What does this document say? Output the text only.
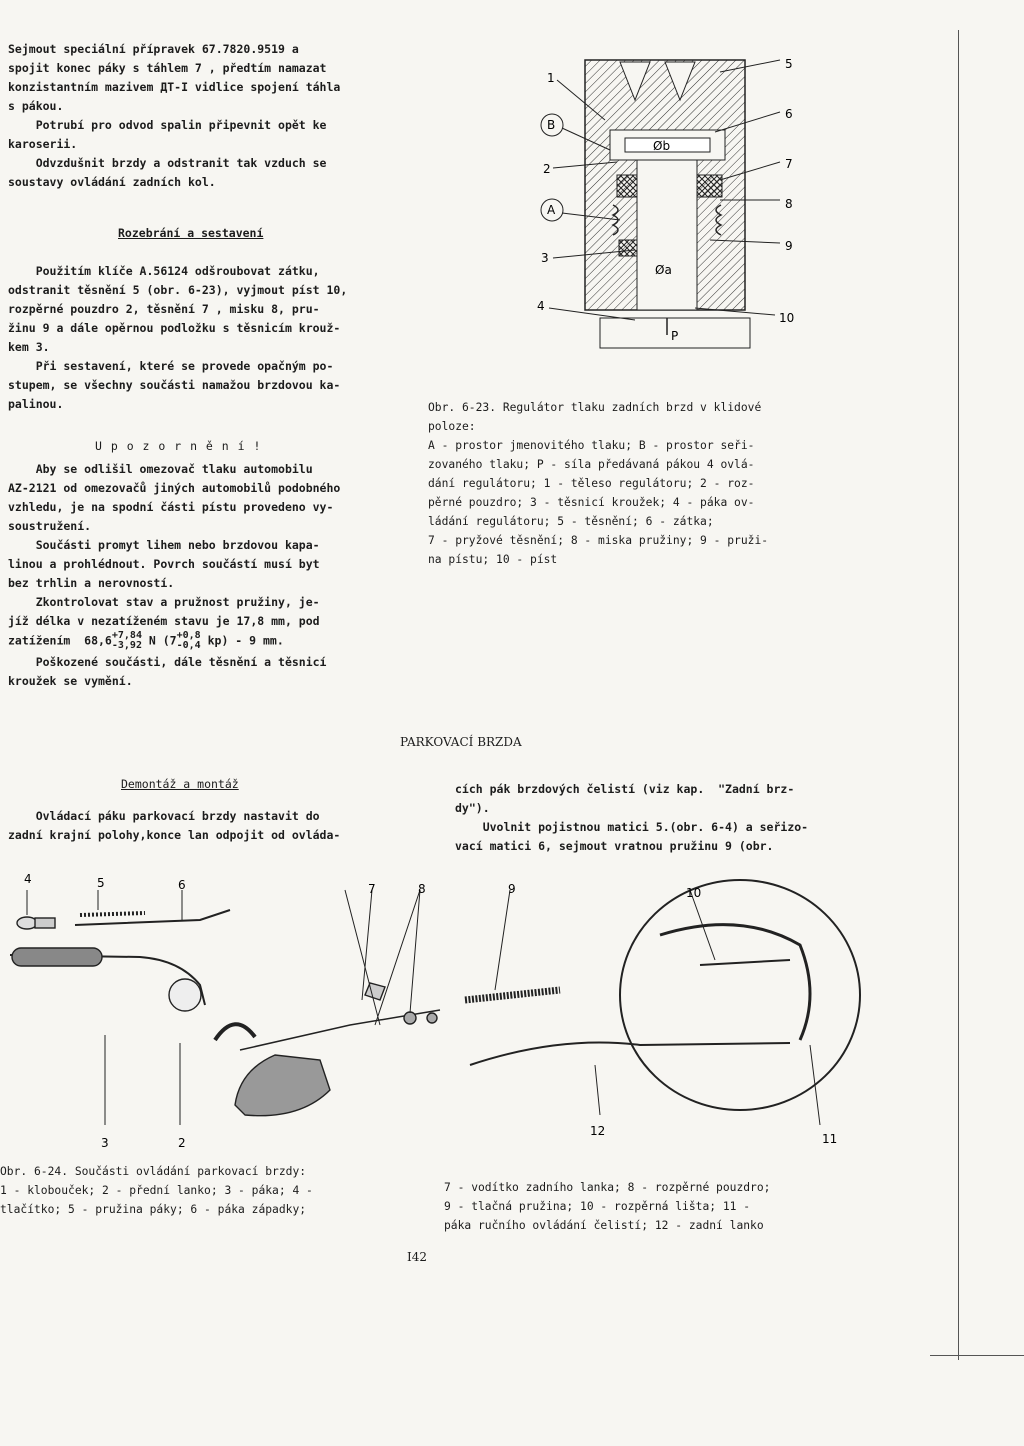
Sejmout speciální přípravek 67.7820.9519 a
spojit konec páky s táhlem 7 , předtím namazat
konzistantním mazivem ДТ-I vidlice spojení táhla
s pákou.

Potrubí pro odvod spalin připevnit opět ke
karoserii.

Odvzdušnit brzdy a odstranit tak vzduch se
soustavy ovládání zadních kol.

Rozebrání a sestavení

Použitím klíče A.56124 odšroubovat zátku,
odstranit těsnění 5 (obr. 6-23), vyjmout píst 10,
rozpěrné pouzdro 2, těsnění 7 , misku 8, pru-
žinu 9 a dále opěrnou podložku s těsnicím krouž-
kem 3.

Při sestavení, které se provede opačným po-
stupem, se všechny součásti namažou brzdovou ka-
palinou.

U p o z o r n ě n í !

Aby se odlišil omezovač tlaku automobilu
AZ-2121 od omezovačů jiných automobilů podobného
vzhledu, je na spodní části pístu provedeno vy-
soustružení.

Součásti promyt lihem nebo brzdovou kapa-
linou a prohlédnout. Povrch součástí musí byt
bez trhlin a nerovností.

Zkontrolovat stav a pružnost pružiny, je-
jíž délka v nezatíženém stavu je 17,8 mm, pod

zatížením  68,6 +7,84
-3,92 N (7 +0,8
-0,4 kp) - 9 mm.

Poškozené součásti, dále těsnění a těsnicí
kroužek se vymění.

1
2
3
4
5
6
7
8
9
10
B
A
Øb
Øa
P
Obr. 6-23. Regulátor tlaku zadních brzd v klidové
poloze:
A - prostor jmenovitého tlaku; B - prostor seři-
zovaného tlaku; P - síla předávaná pákou 4 ovlá-
dání regulátoru; 1 - těleso regulátoru; 2 - roz-
pěrné pouzdro; 3 - těsnicí kroužek; 4 - páka ov-
ládání regulátoru; 5 - těsnění; 6 - zátka;
7 - pryžové těsnění; 8 - miska pružiny; 9 - pruži-
na pístu; 10 - píst
PARKOVACÍ BRZDA
Demontáž a montáž
Ovládací páku parkovací brzdy nastavit do
zadní krajní polohy,konce lan odpojit od ovláda-
cích pák brzdových čelistí (viz kap.  "Zadní brz-
dy").
Uvolnit pojistnou matici 5.(obr. 6-4) a seřizo-
vací matici 6, sejmout vratnou pružinu 9 (obr.
4	5	6	7	8	9	10
3	2
12
11
Obr. 6-24. Součásti ovládání parkovací brzdy:
1 - klobouček; 2 - přední lanko; 3 - páka; 4 -
tlačítko; 5 - pružina páky; 6 - páka západky;
7 - vodítko zadního lanka; 8 - rozpěrné pouzdro;
9 - tlačná pružina; 10 - rozpěrná lišta; 11 -
páka ručního ovládání čelistí; 12 - zadní lanko
I42
